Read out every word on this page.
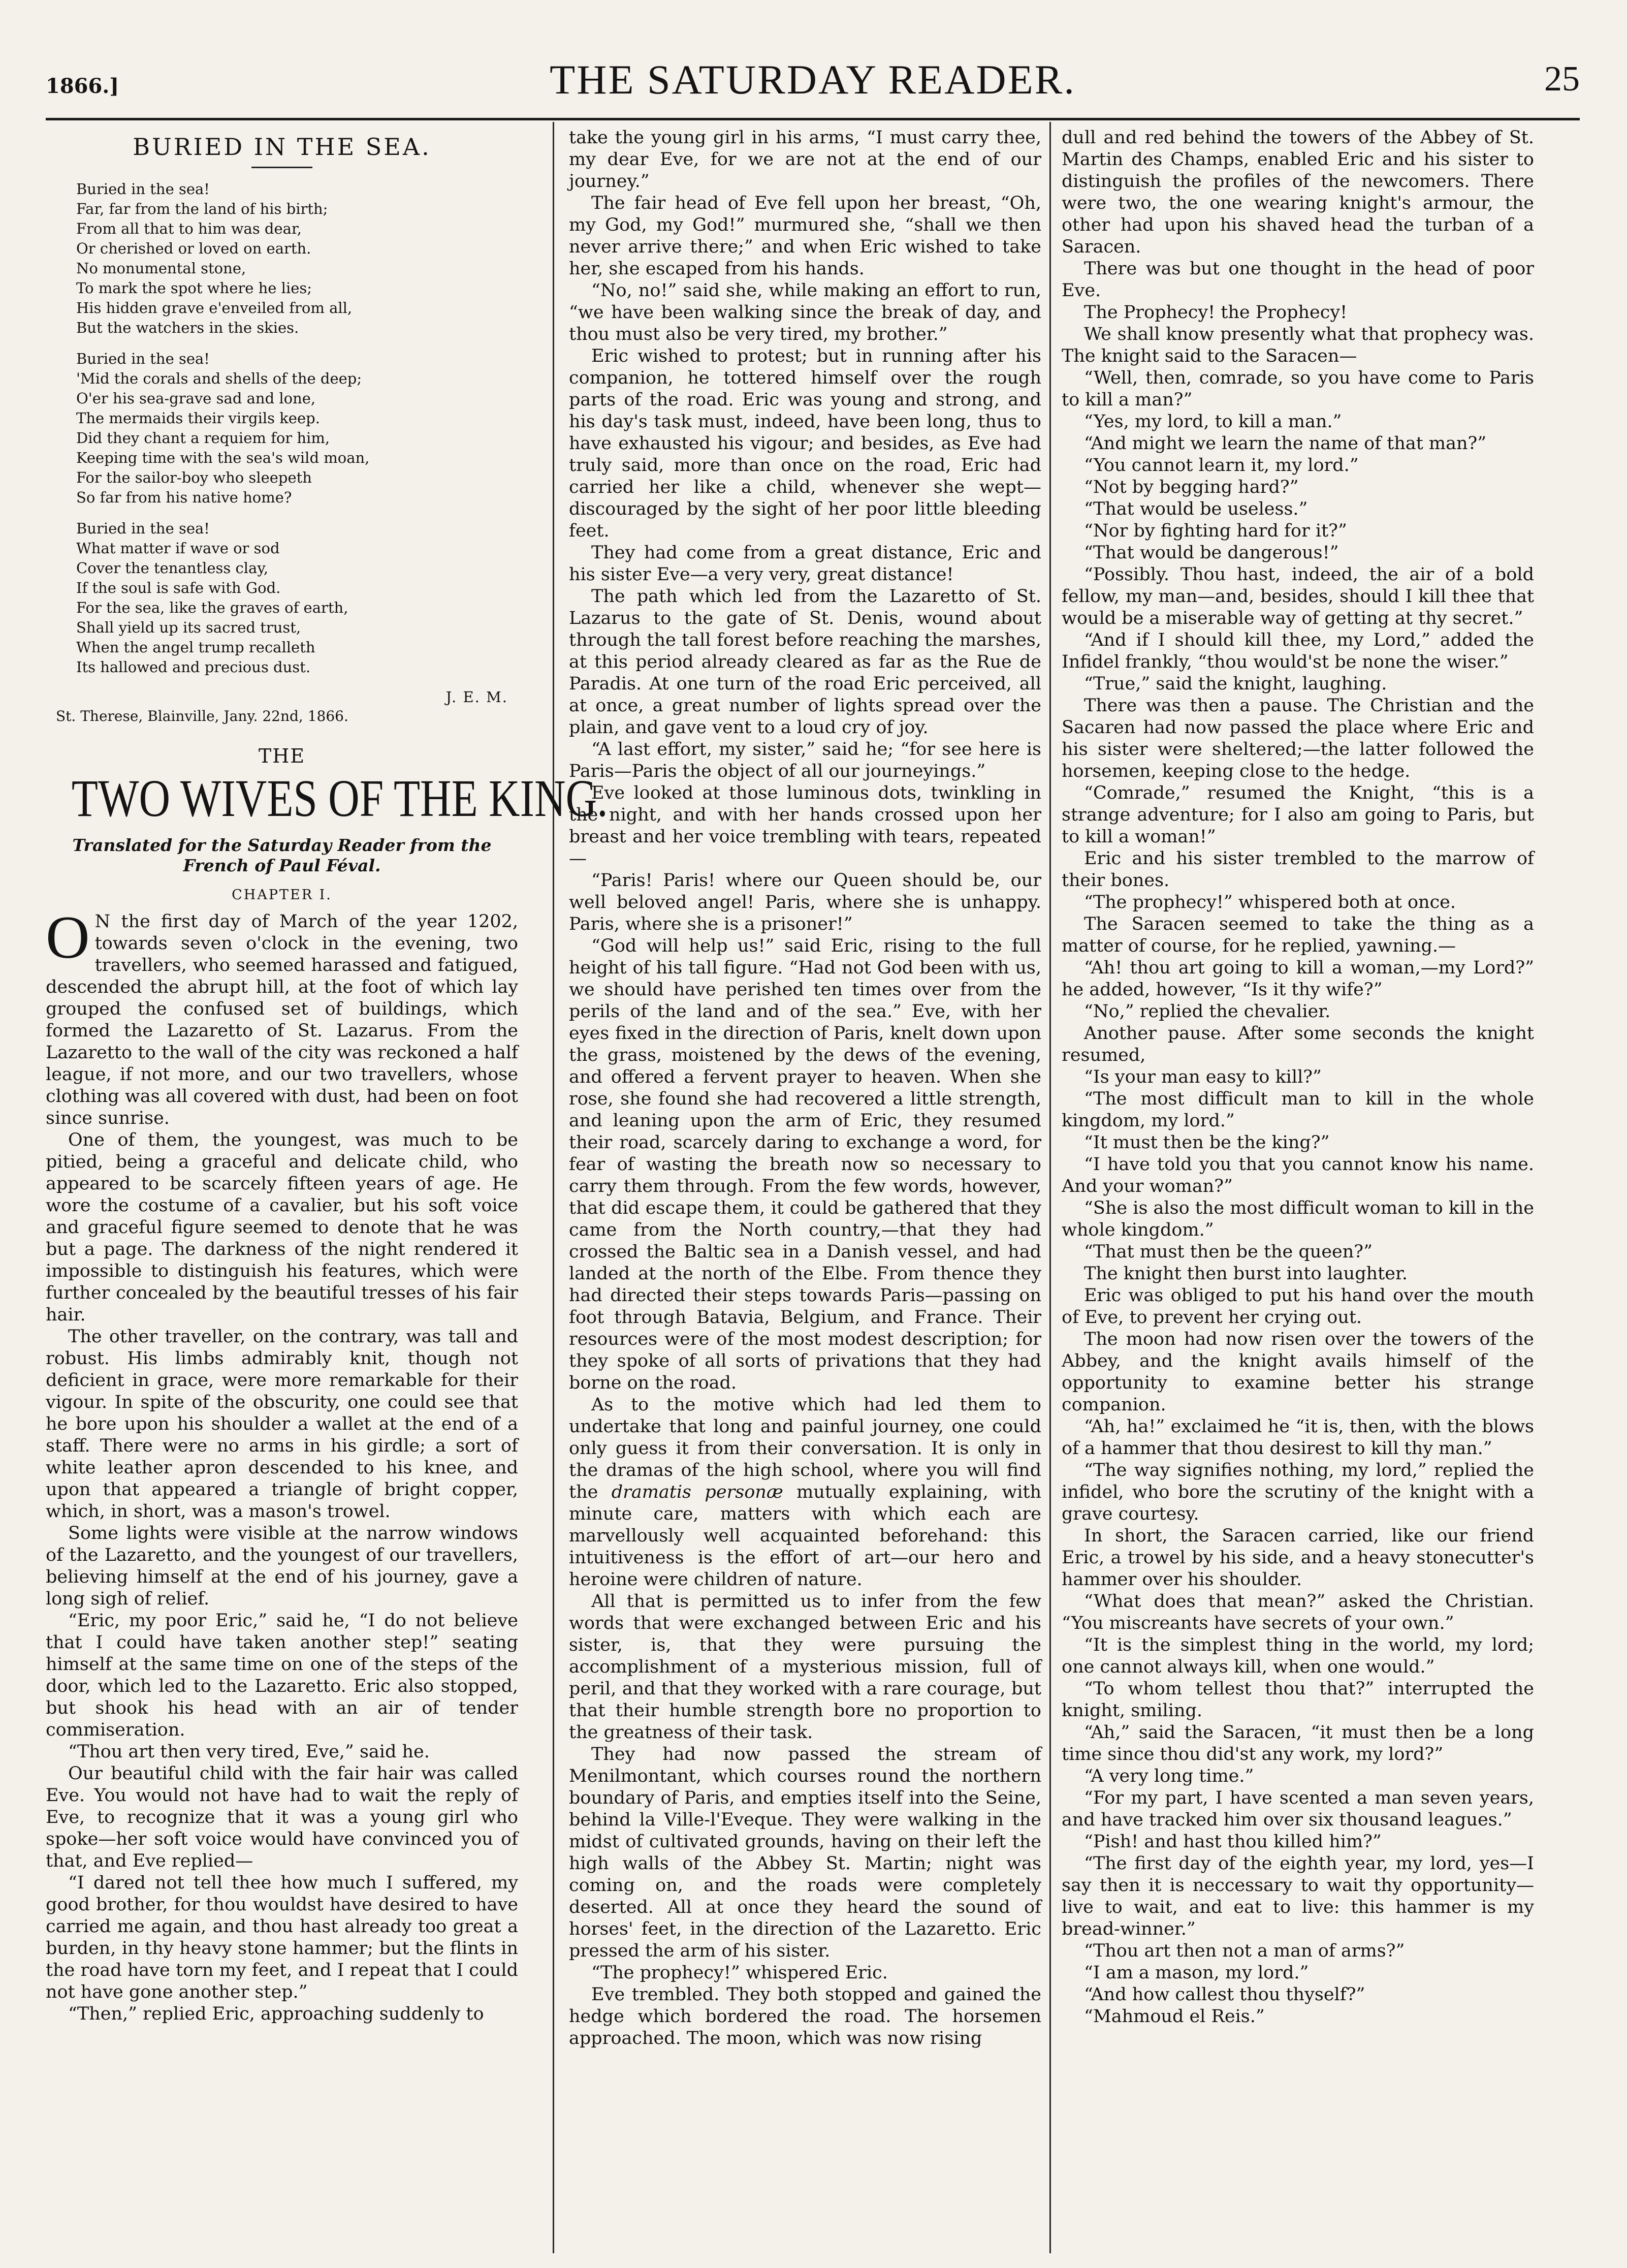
1866.]	THE SATURDAY READER.	25
BURIED IN THE SEA.
Buried in the sea!
Far, far from the land of his birth;
From all that to him was dear,
Or cherished or loved on earth.
No monumental stone,
To mark the spot where he lies;
His hidden grave e'enveiled from all,
But the watchers in the skies.
Buried in the sea!
'Mid the corals and shells of the deep;
O'er his sea-grave sad and lone,
The mermaids their virgils keep.
Did they chant a requiem for him,
Keeping time with the sea's wild moan,
For the sailor-boy who sleepeth
So far from his native home?
Buried in the sea!
What matter if wave or sod
Cover the tenantless clay,
If the soul is safe with God.
For the sea, like the graves of earth,
Shall yield up its sacred trust,
When the angel trump recalleth
Its hallowed and precious dust.
J. E. M.
St. Therese, Blainville, Jany. 22nd, 1866.
THE
TWO WIVES OF THE KING.
Translated for the Saturday Reader from the French of Paul Féval.
CHAPTER I.

O N the first day of March of the year 1202, towards seven o'clock in the evening, two travellers, who seemed harassed and fatigued, descended the abrupt hill, at the foot of which lay grouped the confused set of buildings, which formed the Lazaretto of St. Lazarus. From the Lazaretto to the wall of the city was reckoned a half league, if not more, and our two travellers, whose clothing was all covered with dust, had been on foot since sunrise.

One of them, the youngest, was much to be pitied, being a graceful and delicate child, who appeared to be scarcely fifteen years of age. He wore the costume of a cavalier, but his soft voice and graceful figure seemed to denote that he was but a page. The darkness of the night rendered it impossible to distinguish his features, which were further concealed by the beautiful tresses of his fair hair.

The other traveller, on the contrary, was tall and robust. His limbs admirably knit, though not deficient in grace, were more remarkable for their vigour. In spite of the obscurity, one could see that he bore upon his shoulder a wallet at the end of a staff. There were no arms in his girdle; a sort of white leather apron descended to his knee, and upon that appeared a triangle of bright copper, which, in short, was a mason's trowel.

Some lights were visible at the narrow windows of the Lazaretto, and the youngest of our travellers, believing himself at the end of his journey, gave a long sigh of relief.

“Eric, my poor Eric,” said he, “I do not believe that I could have taken another step!” seating himself at the same time on one of the steps of the door, which led to the Lazaretto. Eric also stopped, but shook his head with an air of tender commiseration.

“Thou art then very tired, Eve,” said he.

Our beautiful child with the fair hair was called Eve. You would not have had to wait the reply of Eve, to recognize that it was a young girl who spoke—her soft voice would have convinced you of that, and Eve replied—

“I dared not tell thee how much I suffered, my good brother, for thou wouldst have desired to have carried me again, and thou hast already too great a burden, in thy heavy stone hammer; but the flints in the road have torn my feet, and I repeat that I could not have gone another step.”

“Then,” replied Eric, approaching suddenly to

take the young girl in his arms, “I must carry thee, my dear Eve, for we are not at the end of our journey.”

The fair head of Eve fell upon her breast, “Oh, my God, my God!” murmured she, “shall we then never arrive there;” and when Eric wished to take her, she escaped from his hands.

“No, no!” said she, while making an effort to run, “we have been walking since the break of day, and thou must also be very tired, my brother.”

Eric wished to protest; but in running after his companion, he tottered himself over the rough parts of the road. Eric was young and strong, and his day's task must, indeed, have been long, thus to have exhausted his vigour; and besides, as Eve had truly said, more than once on the road, Eric had carried her like a child, whenever she wept—discouraged by the sight of her poor little bleeding feet.

They had come from a great distance, Eric and his sister Eve—a very very, great distance!

The path which led from the Lazaretto of St. Lazarus to the gate of St. Denis, wound about through the tall forest before reaching the marshes, at this period already cleared as far as the Rue de Paradis. At one turn of the road Eric perceived, all at once, a great number of lights spread over the plain, and gave vent to a loud cry of joy.

“A last effort, my sister,” said he; “for see here is Paris—Paris the object of all our journeyings.”

Eve looked at those luminous dots, twinkling in the night, and with her hands crossed upon her breast and her voice trembling with tears, repeated—

“Paris! Paris! where our Queen should be, our well beloved angel! Paris, where she is unhappy. Paris, where she is a prisoner!”

“God will help us!” said Eric, rising to the full height of his tall figure. “Had not God been with us, we should have perished ten times over from the perils of the land and of the sea.” Eve, with her eyes fixed in the direction of Paris, knelt down upon the grass, moistened by the dews of the evening, and offered a fervent prayer to heaven. When she rose, she found she had recovered a little strength, and leaning upon the arm of Eric, they resumed their road, scarcely daring to exchange a word, for fear of wasting the breath now so necessary to carry them through. From the few words, however, that did escape them, it could be gathered that they came from the North country,—that they had crossed the Baltic sea in a Danish vessel, and had landed at the north of the Elbe. From thence they had directed their steps towards Paris—passing on foot through Batavia, Belgium, and France. Their resources were of the most modest description; for they spoke of all sorts of privations that they had borne on the road.

As to the motive which had led them to undertake that long and painful journey, one could only guess it from their conversation. It is only in the dramas of the high school, where you will find the dramatis personæ mutually explaining, with minute care, matters with which each are marvellously well acquainted beforehand: this intuitiveness is the effort of art—our hero and heroine were children of nature.

All that is permitted us to infer from the few words that were exchanged between Eric and his sister, is, that they were pursuing the accomplishment of a mysterious mission, full of peril, and that they worked with a rare courage, but that their humble strength bore no proportion to the greatness of their task.

They had now passed the stream of Menilmontant, which courses round the northern boundary of Paris, and empties itself into the Seine, behind la Ville-l'Eveque. They were walking in the midst of cultivated grounds, having on their left the high walls of the Abbey St. Martin; night was coming on, and the roads were completely deserted. All at once they heard the sound of horses' feet, in the direction of the Lazaretto. Eric pressed the arm of his sister.

“The prophecy!” whispered Eric.

Eve trembled. They both stopped and gained the hedge which bordered the road. The horsemen approached. The moon, which was now rising

dull and red behind the towers of the Abbey of St. Martin des Champs, enabled Eric and his sister to distinguish the profiles of the newcomers. There were two, the one wearing knight's armour, the other had upon his shaved head the turban of a Saracen.

There was but one thought in the head of poor Eve.

The Prophecy! the Prophecy!

We shall know presently what that prophecy was. The knight said to the Saracen—

“Well, then, comrade, so you have come to Paris to kill a man?”

“Yes, my lord, to kill a man.”

“And might we learn the name of that man?”

“You cannot learn it, my lord.”

“Not by begging hard?”

“That would be useless.”

“Nor by fighting hard for it?”

“That would be dangerous!”

“Possibly. Thou hast, indeed, the air of a bold fellow, my man—and, besides, should I kill thee that would be a miserable way of getting at thy secret.”

“And if I should kill thee, my Lord,” added the Infidel frankly, “thou would'st be none the wiser.”

“True,” said the knight, laughing.

There was then a pause. The Christian and the Sacaren had now passed the place where Eric and his sister were sheltered;—the latter followed the horsemen, keeping close to the hedge.

“Comrade,” resumed the Knight, “this is a strange adventure; for I also am going to Paris, but to kill a woman!”

Eric and his sister trembled to the marrow of their bones.

“The prophecy!” whispered both at once.

The Saracen seemed to take the thing as a matter of course, for he replied, yawning.—

“Ah! thou art going to kill a woman,—my Lord?” he added, however, “Is it thy wife?”

“No,” replied the chevalier.

Another pause. After some seconds the knight resumed,

“Is your man easy to kill?”

“The most difficult man to kill in the whole kingdom, my lord.”

“It must then be the king?”

“I have told you that you cannot know his name. And your woman?”

“She is also the most difficult woman to kill in the whole kingdom.”

“That must then be the queen?”

The knight then burst into laughter.

Eric was obliged to put his hand over the mouth of Eve, to prevent her crying out.

The moon had now risen over the towers of the Abbey, and the knight avails himself of the opportunity to examine better his strange companion.

“Ah, ha!” exclaimed he “it is, then, with the blows of a hammer that thou desirest to kill thy man.”

“The way signifies nothing, my lord,” replied the infidel, who bore the scrutiny of the knight with a grave courtesy.

In short, the Saracen carried, like our friend Eric, a trowel by his side, and a heavy stonecutter's hammer over his shoulder.

“What does that mean?” asked the Christian. “You miscreants have secrets of your own.”

“It is the simplest thing in the world, my lord; one cannot always kill, when one would.”

“To whom tellest thou that?” interrupted the knight, smiling.

“Ah,” said the Saracen, “it must then be a long time since thou did'st any work, my lord?”

“A very long time.”

“For my part, I have scented a man seven years, and have tracked him over six thousand leagues.”

“Pish! and hast thou killed him?”

“The first day of the eighth year, my lord, yes—I say then it is neccessary to wait thy opportunity—live to wait, and eat to live: this hammer is my bread-winner.”

“Thou art then not a man of arms?”

“I am a mason, my lord.”

“And how callest thou thyself?”

“Mahmoud el Reis.”
